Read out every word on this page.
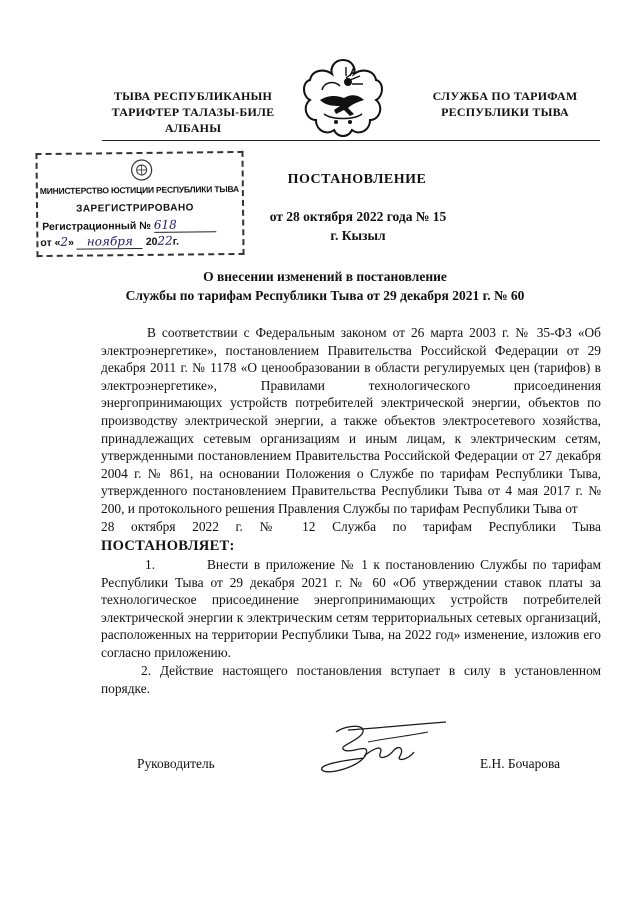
ТЫВА РЕСПУБЛИКАНЫН
ТАРИФТЕР ТАЛАЗЫ-БИЛЕ
АЛБАНЫ
СЛУЖБА ПО ТАРИФАМ
РЕСПУБЛИКИ ТЫВА
МИНИСТЕРСТВО ЮСТИЦИИ РЕСПУБЛИКИ ТЫВА
ЗАРЕГИСТРИРОВАНО
Регистрационный № 618
от «2» ноября 2022г.
ПОСТАНОВЛЕНИЕ
от 28 октября 2022 года № 15
г. Кызыл
О внесении изменений в постановление
Службы по тарифам Республики Тыва от 29 декабря 2021 г. № 60
В соответствии с Федеральным законом от 26 марта 2003 г. № 35-ФЗ «Об электроэнергетике», постановлением Правительства Российской Федерации от 29 декабря 2011 г. № 1178 «О ценообразовании в области регулируемых цен (тарифов) в электроэнергетике», Правилами технологического присоединения энергопринимающих устройств потребителей электрической энергии, объектов по производству электрической энергии, а также объектов электросетевого хозяйства, принадлежащих сетевым организациям и иным лицам, к электрическим сетям, утвержденными постановлением Правительства Российской Федерации от 27 декабря 2004 г. № 861, на основании Положения о Службе по тарифам Республики Тыва, утвержденного постановлением Правительства Республики Тыва от 4 мая 2017 г. № 200, и протокольного решения Правления Службы по тарифам Республики Тыва от
28 октября 2022 г. № 12 Служба по тарифам Республики Тыва
ПОСТАНОВЛЯЕТ:
1.	Внести в приложение № 1 к постановлению Службы по тарифам Республики Тыва от 29 декабря 2021 г. № 60 «Об утверждении ставок платы за технологическое присоединение энергопринимающих устройств потребителей электрической энергии к электрическим сетям территориальных сетевых организаций, расположенных на территории Республики Тыва, на 2022 год» изменение, изложив его согласно приложению.
2. Действие настоящего постановления вступает в силу в установленном порядке.
Руководитель	Е.Н. Бочарова
